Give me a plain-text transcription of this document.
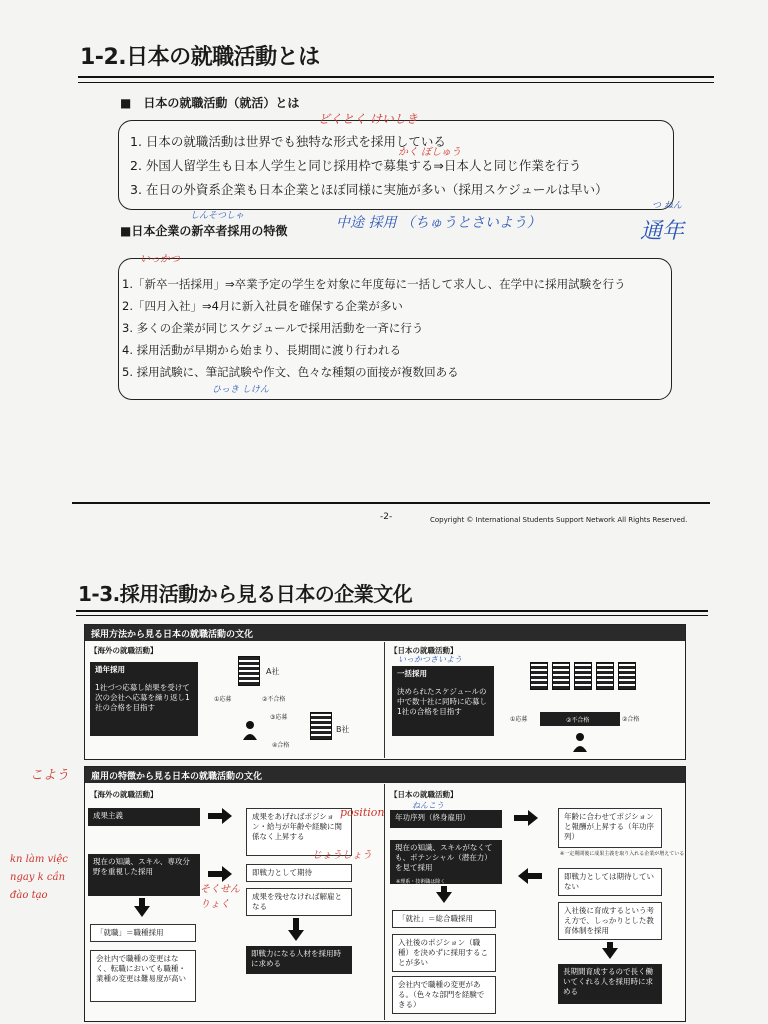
1-2.日本の就職活動とは
■　日本の就職活動（就活）とは
1. 日本の就職活動は世界でも独特な形式を採用している
2. 外国人留学生も日本人学生と同じ採用枠で募集する⇒日本人と同じ作業を行う
3. 在日の外資系企業も日本企業とほぼ同様に実施が多い（採用スケジュールは早い）
どくとく けいしき
かく ぼしゅう
■日本企業の新卒者採用の特徴
しんそつしゃ	中途 採用 （ちゅうとさいよう）
つ ねん
通年
いっかつ
1.「新卒一括採用」⇒卒業予定の学生を対象に年度毎に一括して求人し、在学中に採用試験を行う
2.「四月入社」⇒4月に新入社員を確保する企業が多い
3. 多くの企業が同じスケジュールで採用活動を一斉に行う
4. 採用活動が早期から始まり、長期間に渡り行われる
5. 採用試験に、筆記試験や作文、色々な種類の面接が複数回ある
ひっき しけん
-2-	Copyright © International Students Support Network All Rights Reserved.
1-3.採用活動から見る日本の企業文化
採用方法から見る日本の就職活動の文化
【海外の就職活動】
通年採用
1社づつ応募し結果を受けて次の会社へ応募を繰り返し1社の合格を目指す
A社
B社
①応募	②不合格
③応募
④合格
【日本の就職活動】
いっかつさいよう
一括採用
決められたスケジュールの中で数十社に同時に応募し1社の合格を目指す
②不合格
①応募	②合格
こよう	雇用の特徴から見る日本の就職活動の文化
【海外の就職活動】
成果主義	成果をあげればポジション・給与が年齢や経験に関係なく上昇する
position
じょうしょう
現在の知識、スキル、専攻分野を重視した採用	即戦力として期待
成果を残せなければ解雇となる
そくせん りょく
「就職」＝職種採用
会社内で職種の変更はなく、転職においても職種・業種の変更は難易度が高い
即戦力になる人材を採用時に求める
kn làm việc
ngay k cần
đào tạo
【日本の就職活動】
ねんこう
年功序列（終身雇用）	年齢に合わせてポジションと報酬が上昇する（年功序列）
※一定期間後に成果主義を取り入れる企業が増えている
現在の知識、スキルがなくても、ポテンシャル（潜在力）を見て採用
※理系・技術職は除く
即戦力としては期待していない
「就社」＝総合職採用
入社後のポジション（職種）を決めずに採用することが多い
会社内で職種の変更がある。（色々な部門を経験できる）
入社後に育成するという考え方で、しっかりとした教育体制を採用
長期間育成するので長く働いてくれる人を採用時に求める
